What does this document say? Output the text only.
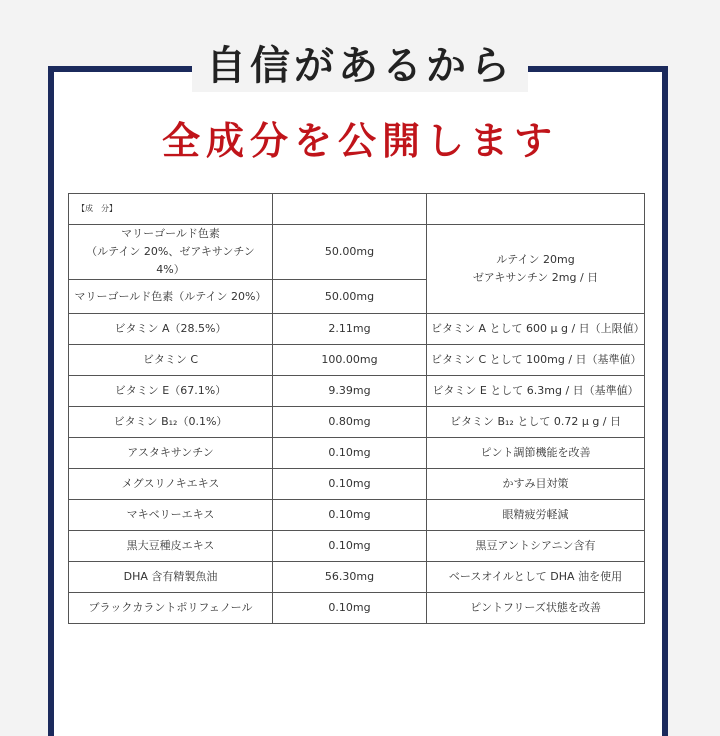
自信があるから
全成分を公開します
【成　分】		

マリーゴールド色素
（ルテイン 20%、ゼアキサンチン 4%）	50.00mg	ルテイン 20mg
ゼアキサンチン 2mg / 日
マリーゴールド色素（ルテイン 20%）	50.00mg	
ビタミン A（28.5%）	2.11mg	ビタミン A として 600 μ g / 日（上限値）
ビタミン C	100.00mg	ビタミン C として 100mg / 日（基準値）
ビタミン E（67.1%）	9.39mg	ビタミン E として 6.3mg / 日（基準値）
ビタミン B₁₂（0.1%）	0.80mg	ビタミン B₁₂ として 0.72 μ g / 日
アスタキサンチン	0.10mg	ピント調節機能を改善
メグスリノキエキス	0.10mg	かすみ目対策
マキベリーエキス	0.10mg	眼精疲労軽減
黒大豆種皮エキス	0.10mg	黒豆アントシアニン含有
DHA 含有精製魚油	56.30mg	ベースオイルとして DHA 油を使用
ブラックカラントポリフェノール	0.10mg	ピントフリーズ状態を改善
